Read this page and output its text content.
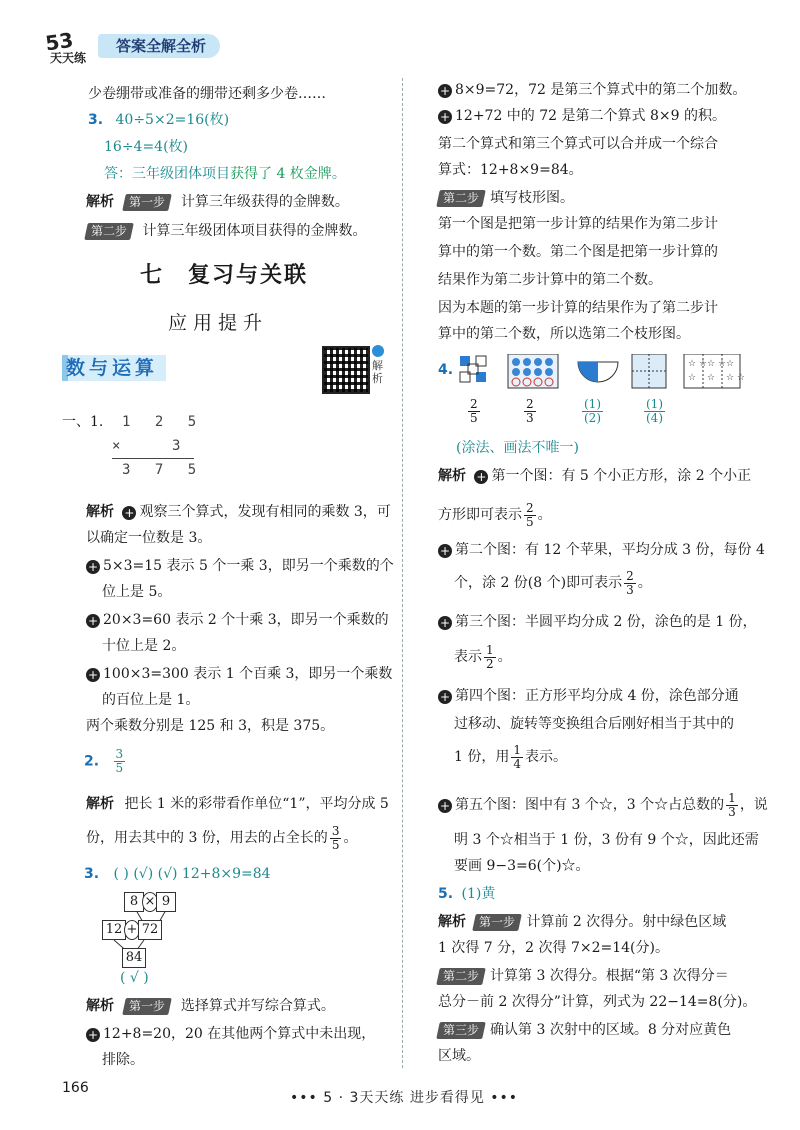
53
天天练
答案全解全析
少卷绷带或准备的绷带还剩多少卷……
3. 40÷5×2=16(枚)
16÷4=4(枚)
答：三年级团体项目获得了 4 枚金牌。
解析 第一步 计算三年级获得的金牌数。
第二步 计算三年级团体项目获得的金牌数。
七　复习与关联
应用提升
数与运算	解析
一、1. 1 2 5
×	3
3 7 5
解析 + 观察三个算式，发现有相同的乘数 3，可
以确定一位数是 3。
+ 5×3=15 表示 5 个一乘 3，即另一个乘数的个
位上是 5。
+ 20×3=60 表示 2 个十乘 3，即另一个乘数的
十位上是 2。
+ 100×3=300 表示 1 个百乘 3，即另一个乘数
的百位上是 1。
两个乘数分别是 125 和 3，积是 375。
2. $\frac{3}{5}$
解析 把长 1 米的彩带看作单位“1”，平均分成 5
份，用去其中的 3 份，用去的占全长的 $\frac{3}{5}$ 。
3. ( ) (√) (√) 12+8×9=84
8 × 9
12 + 72
84
( √ )
解析 第一步 选择算式并写综合算式。
+ 12+8=20，20 在其他两个算式中未出现，
排除。
+ 8×9=72，72 是第三个算式中的第二个加数。
+ 12+72 中的 72 是第二个算式 8×9 的积。
第二个算式和第三个算式可以合并成一个综合
算式：12+8×9=84。
第二步 填写枝形图。
第一个图是把第一步计算的结果作为第二步计
算中的第一个数。第二个图是把第一步计算的
结果作为第二步计算中的第二个数。
因为本题的第一步计算的结果作为了第二步计
算中的第二个数，所以选第二个枝形图。
4.	☆ ☆ ☆ ☆ ☆
☆ ☆ ☆ ☆
$\frac{2}{5}$	$\frac{2}{3}$	$\frac{(1)}{(2)}$	$\frac{(1)}{(4)}$
(涂法、画法不唯一)
解析 + 第一个图：有 5 个小正方形，涂 2 个小正
方形即可表示 $\frac{2}{5}$ 。
+ 第二个图：有 12 个苹果，平均分成 3 份，每份 4
个，涂 2 份(8 个)即可表示 $\frac{2}{3}$ 。
+ 第三个图：半圆平均分成 2 份，涂色的是 1 份，
表示 $\frac{1}{2}$ 。
+ 第四个图：正方形平均分成 4 份，涂色部分通
过移动、旋转等变换组合后刚好相当于其中的
1 份，用 $\frac{1}{4}$ 表示。
+ 第五个图：图中有 3 个☆，3 个☆占总数的 $\frac{1}{3}$ ，说
明 3 个☆相当于 1 份，3 份有 9 个☆，因此还需
要画 9−3=6(个)☆。
5. (1)黄
解析 第一步 计算前 2 次得分。射中绿色区域
1 次得 7 分，2 次得 7×2=14(分)。
第二步 计算第 3 次得分。根据“第 3 次得分＝
总分－前 2 次得分”计算，列式为 22−14=8(分)。
第三步 确认第 3 次射中的区域。8 分对应黄色
区域。
166
••• 5 · 3天天练 进步看得见 •••
